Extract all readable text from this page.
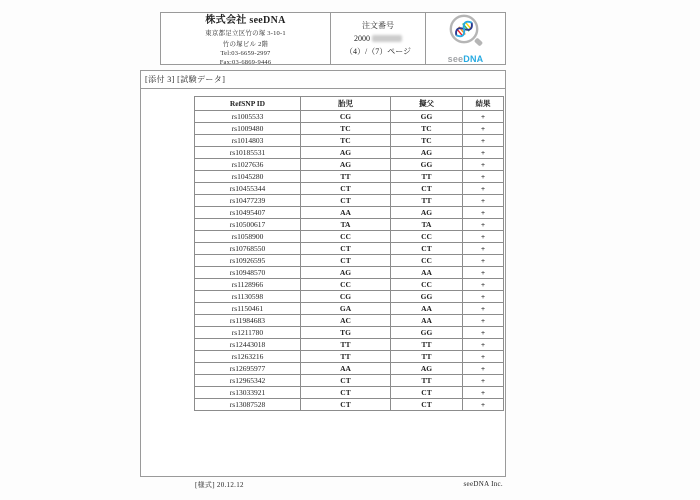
株式会社 seeDNA
東京都足立区竹の塚 3-10-1
竹の塚ビル 2階
Tel:03-6659-2997
Fax:03-6869-9446
注文番号
2000
（4）/（7）ページ
seeDNA
[添付 3] [試験データ]
RefSNP ID	胎児	擬父	結果
rs1005533	CG	GG	+
rs1009480	TC	TC	+
rs1014803	TC	TC	+
rs10185531	AG	AG	+
rs1027636	AG	GG	+
rs1045280	TT	TT	+
rs10455344	CT	CT	+
rs10477239	CT	TT	+
rs10495407	AA	AG	+
rs10500617	TA	TA	+
rs1058900	CC	CC	+
rs10768550	CT	CT	+
rs10926595	CT	CC	+
rs10948570	AG	AA	+
rs1128966	CC	CC	+
rs1130598	CG	GG	+
rs1150461	GA	AA	+
rs11984683	AC	AA	+
rs1211780	TG	GG	+
rs12443018	TT	TT	+
rs1263216	TT	TT	+
rs12695977	AA	AG	+
rs12965342	CT	TT	+
rs13033921	CT	CT	+
rs13087528	CT	CT	+
[様式] 20.12.12	seeDNA Inc.
